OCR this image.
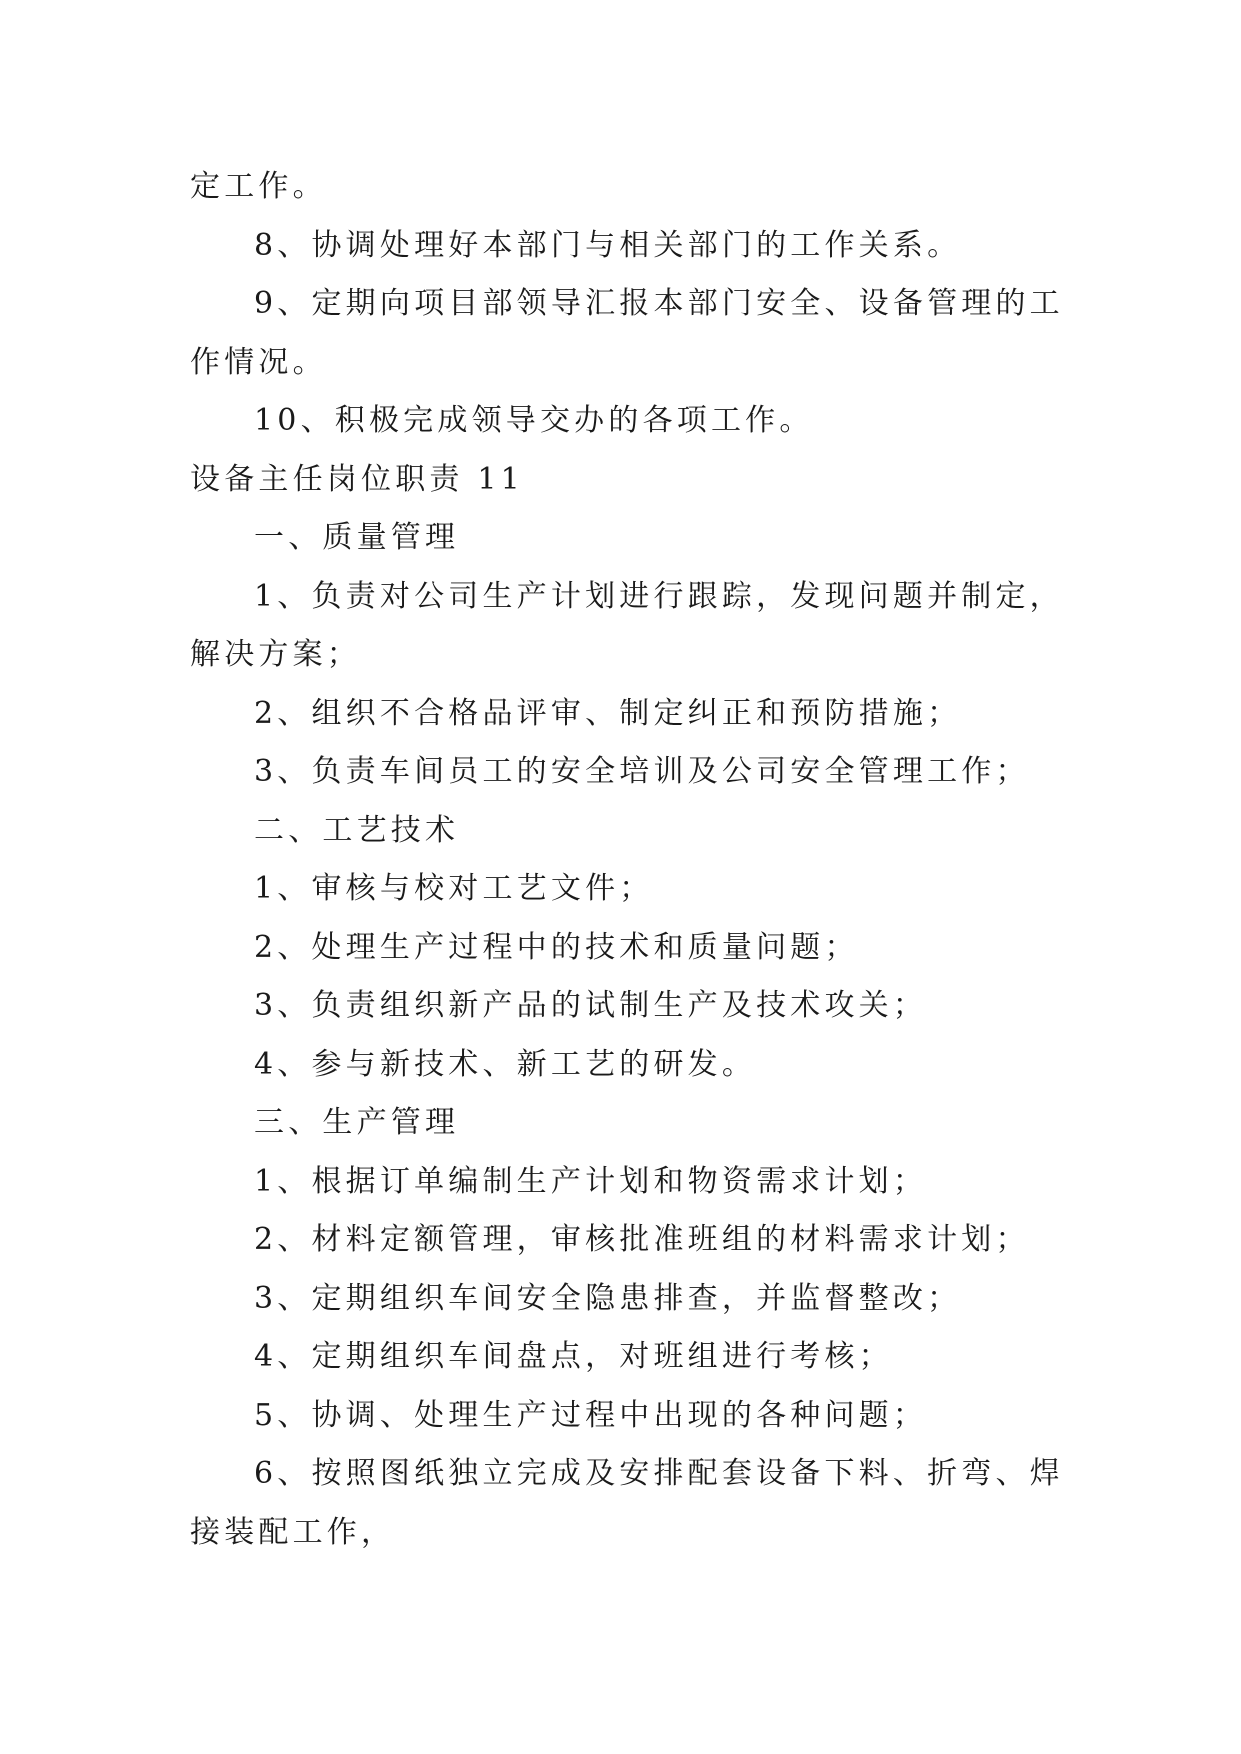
定工作。
8、协调处理好本部门与相关部门的工作关系。
9、定期向项目部领导汇报本部门安全、设备管理的工
作情况。
10、积极完成领导交办的各项工作。
设备主任岗位职责 11
一、质量管理
1、负责对公司生产计划进行跟踪，发现问题并制定，
解决方案；
2、组织不合格品评审、制定纠正和预防措施；
3、负责车间员工的安全培训及公司安全管理工作；
二、工艺技术
1、审核与校对工艺文件；
2、处理生产过程中的技术和质量问题；
3、负责组织新产品的试制生产及技术攻关；
4、参与新技术、新工艺的研发。
三、生产管理
1、根据订单编制生产计划和物资需求计划；
2、材料定额管理，审核批准班组的材料需求计划；
3、定期组织车间安全隐患排查，并监督整改；
4、定期组织车间盘点，对班组进行考核；
5、协调、处理生产过程中出现的各种问题；
6、按照图纸独立完成及安排配套设备下料、折弯、焊
接装配工作，
